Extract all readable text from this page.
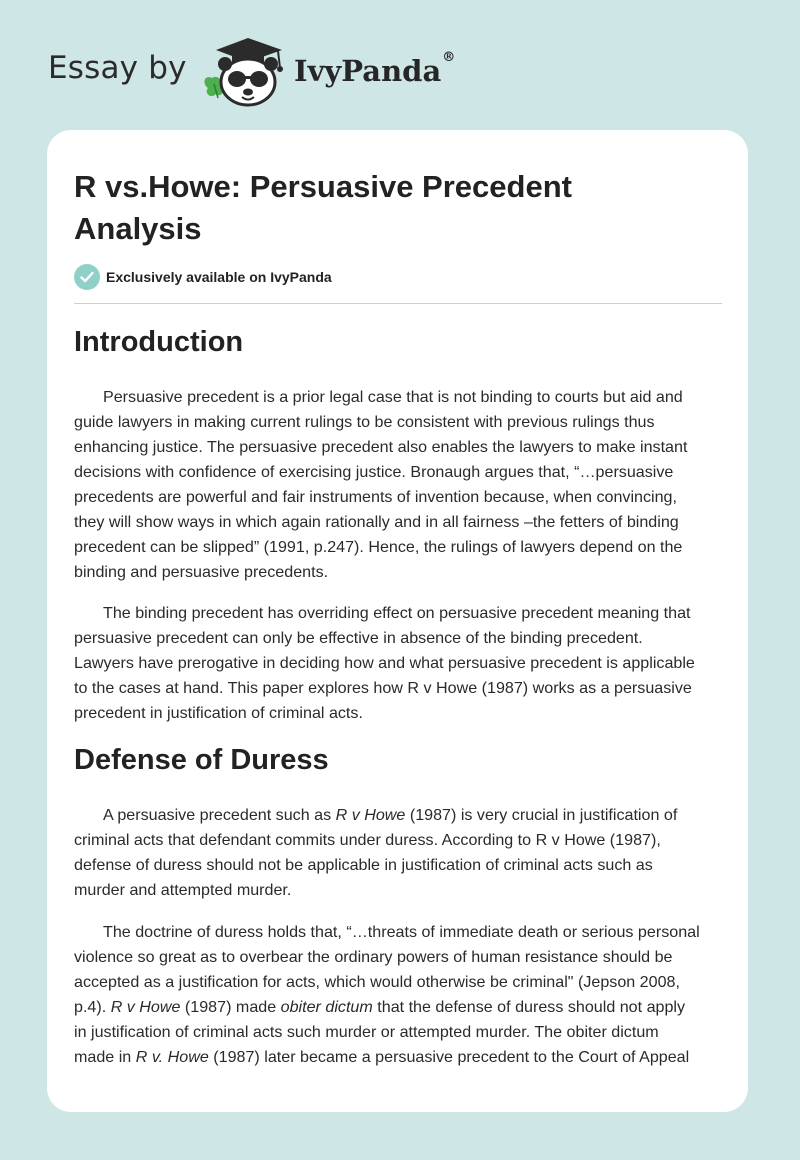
Essay by	IvyPanda®
R vs.Howe: Persuasive Precedent
Analysis
Exclusively available on IvyPanda
Introduction

Persuasive precedent is a prior legal case that is not binding to courts but aid and
guide lawyers in making current rulings to be consistent with previous rulings thus
enhancing justice. The persuasive precedent also enables the lawyers to make instant
decisions with confidence of exercising justice. Bronaugh argues that, “…persuasive
precedents are powerful and fair instruments of invention because, when convincing,
they will show ways in which again rationally and in all fairness –the fetters of binding
precedent can be slipped” (1991, p.247). Hence, the rulings of lawyers depend on the
binding and persuasive precedents.

The binding precedent has overriding effect on persuasive precedent meaning that
persuasive precedent can only be effective in absence of the binding precedent.
Lawyers have prerogative in deciding how and what persuasive precedent is applicable
to the cases at hand. This paper explores how R v Howe (1987) works as a persuasive
precedent in justification of criminal acts.

Defense of Duress

A persuasive precedent such as R v Howe (1987) is very crucial in justification of
criminal acts that defendant commits under duress. According to R v Howe (1987),
defense of duress should not be applicable in justification of criminal acts such as
murder and attempted murder.

The doctrine of duress holds that, “…threats of immediate death or serious personal
violence so great as to overbear the ordinary powers of human resistance should be
accepted as a justification for acts, which would otherwise be criminal" (Jepson 2008,
p.4). R v Howe (1987) made obiter dictum that the defense of duress should not apply
in justification of criminal acts such murder or attempted murder. The obiter dictum
made in R v. Howe (1987) later became a persuasive precedent to the Court of Appeal
